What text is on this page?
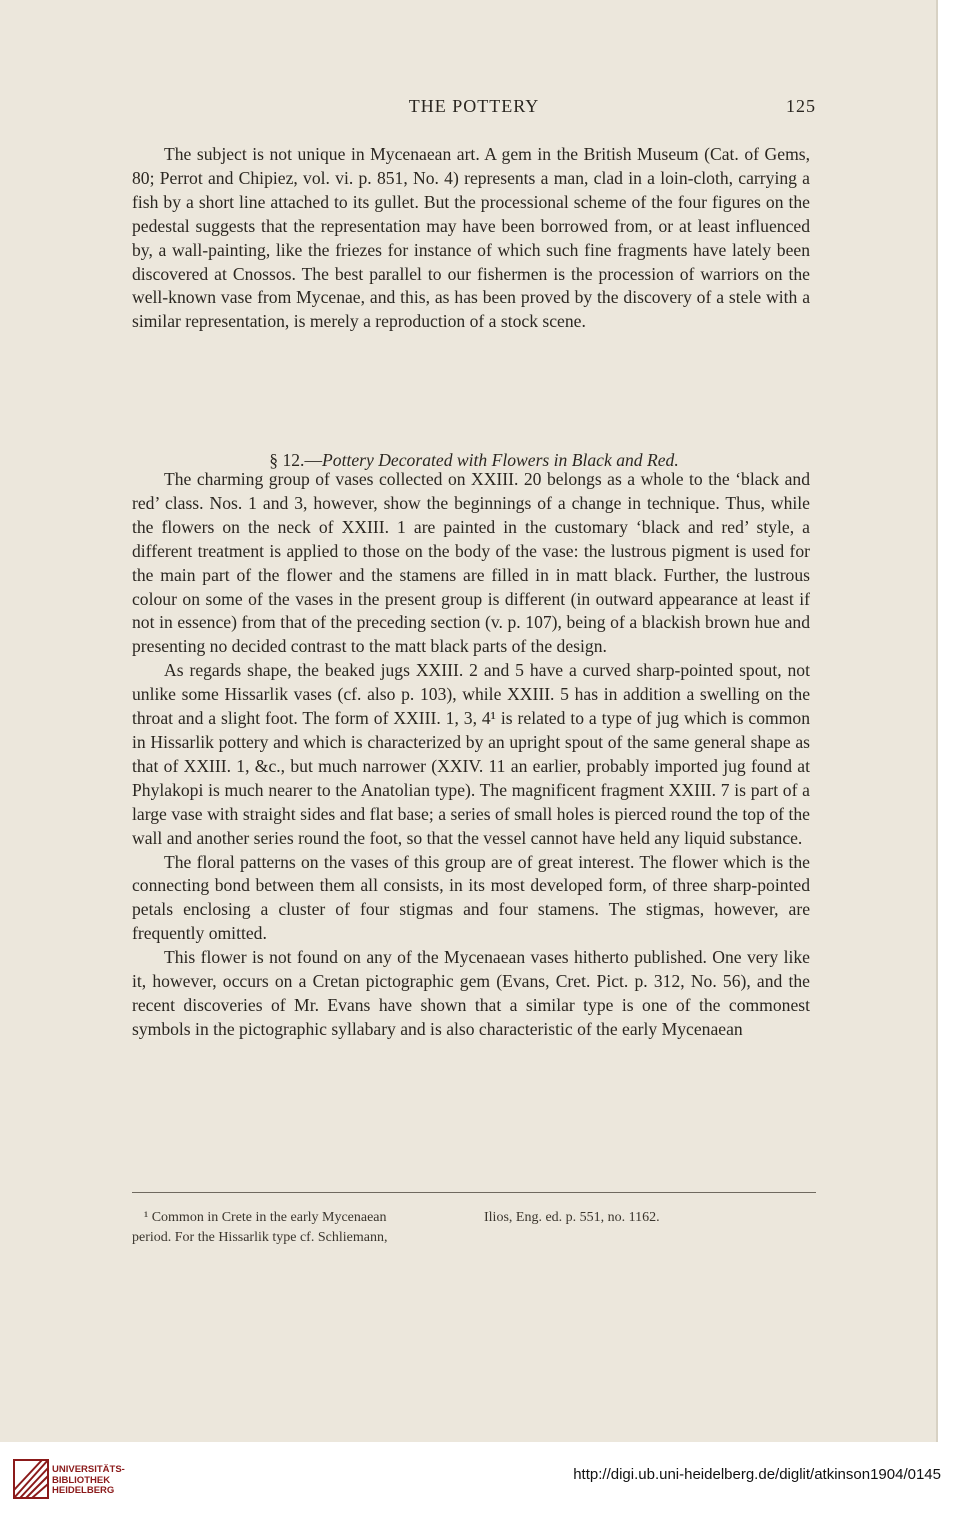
THE POTTERY	125

The subject is not unique in Mycenaean art. A gem in the British Museum (Cat. of Gems, 80; Perrot and Chipiez, vol. vi. p. 851, No. 4) represents a man, clad in a loin-cloth, carrying a fish by a short line attached to its gullet. But the processional scheme of the four figures on the pedestal suggests that the representation may have been borrowed from, or at least influenced by, a wall-painting, like the friezes for instance of which such fine fragments have lately been discovered at Cnossos. The best parallel to our fishermen is the procession of warriors on the well-known vase from Mycenae, and this, as has been proved by the discovery of a stele with a similar representation, is merely a reproduction of a stock scene.

§ 12.—Pottery Decorated with Flowers in Black and Red.

The charming group of vases collected on XXIII. 20 belongs as a whole to the ‘black and red’ class. Nos. 1 and 3, however, show the beginnings of a change in technique. Thus, while the flowers on the neck of XXIII. 1 are painted in the customary ‘black and red’ style, a different treatment is applied to those on the body of the vase: the lustrous pigment is used for the main part of the flower and the stamens are filled in in matt black. Further, the lustrous colour on some of the vases in the present group is different (in outward appearance at least if not in essence) from that of the preceding section (v. p. 107), being of a blackish brown hue and presenting no decided contrast to the matt black parts of the design.

As regards shape, the beaked jugs XXIII. 2 and 5 have a curved sharp-pointed spout, not unlike some Hissarlik vases (cf. also p. 103), while XXIII. 5 has in addition a swelling on the throat and a slight foot. The form of XXIII. 1, 3, 4¹ is related to a type of jug which is common in Hissarlik pottery and which is characterized by an upright spout of the same general shape as that of XXIII. 1, &c., but much narrower (XXIV. 11 an earlier, probably imported jug found at Phylakopi is much nearer to the Anatolian type). The magnificent fragment XXIII. 7 is part of a large vase with straight sides and flat base; a series of small holes is pierced round the top of the wall and another series round the foot, so that the vessel cannot have held any liquid substance.

The floral patterns on the vases of this group are of great interest. The flower which is the connecting bond between them all consists, in its most developed form, of three sharp-pointed petals enclosing a cluster of four stigmas and four stamens. The stigmas, however, are frequently omitted.

This flower is not found on any of the Mycenaean vases hitherto published. One very like it, however, occurs on a Cretan pictographic gem (Evans, Cret. Pict. p. 312, No. 56), and the recent discoveries of Mr. Evans have shown that a similar type is one of the commonest symbols in the pictographic syllabary and is also characteristic of the early Mycenaean

¹ Common in Crete in the early Mycenaean	Ilios, Eng. ed. p. 551, no. 1162.
period. For the Hissarlik type cf. Schliemann,
UNIVERSITÄTS-
BIBLIOTHEK
HEIDELBERG
http://digi.ub.uni-heidelberg.de/diglit/atkinson1904/0145
